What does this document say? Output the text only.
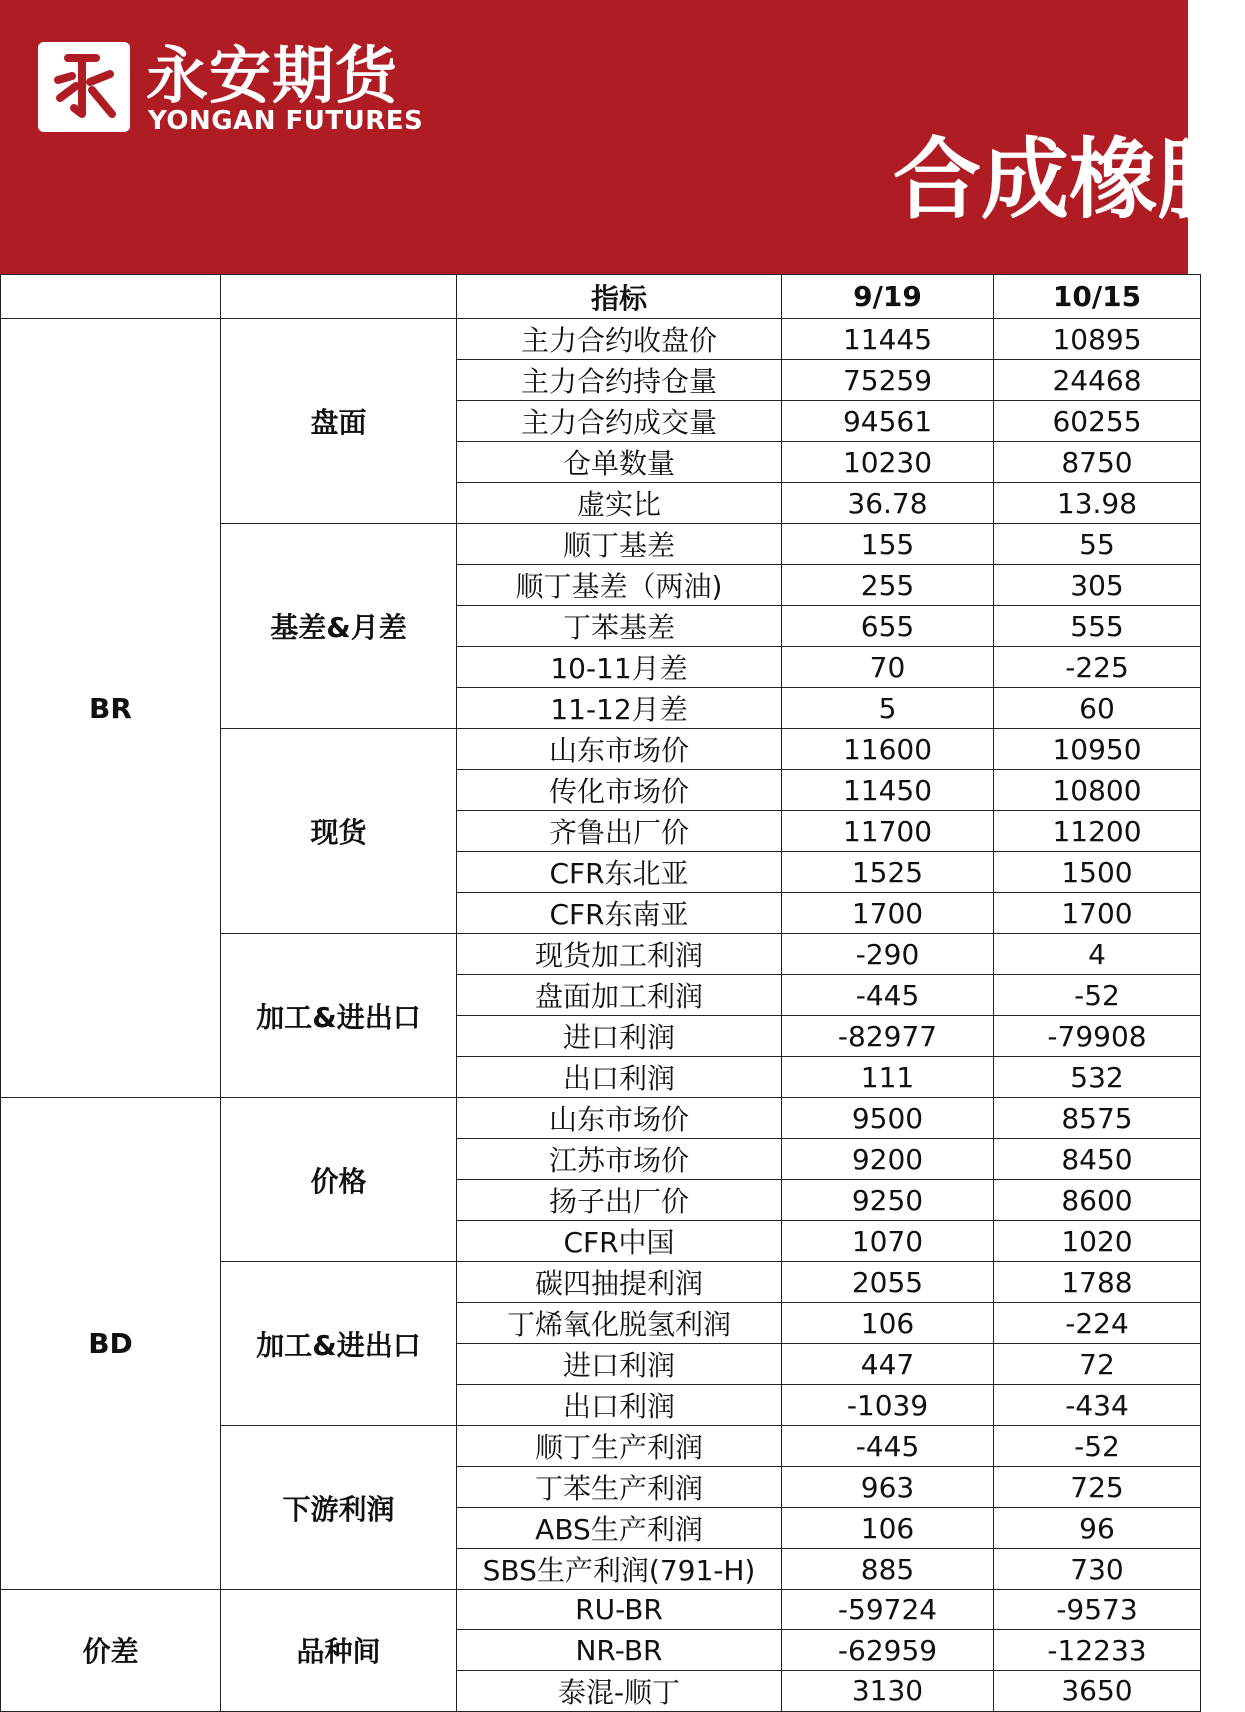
永安期货
YONGAN FUTURES
合成橡胶
		指标	9/19	10/15
BR	盘面	主力合约收盘价	11445	10895
		主力合约持仓量	75259	24468
		主力合约成交量	94561	60255
		仓单数量	10230	8750
		虚实比	36.78	13.98
	基差&月差	顺丁基差	155	55
		顺丁基差（两油)	255	305
		丁苯基差	655	555
		10-11月差	70	-225
		11-12月差	5	60
	现货	山东市场价	11600	10950
		传化市场价	11450	10800
		齐鲁出厂价	11700	11200
		CFR东北亚	1525	1500
		CFR东南亚	1700	1700
	加工&进出口	现货加工利润	-290	4
		盘面加工利润	-445	-52
		进口利润	-82977	-79908
		出口利润	111	532
BD	价格	山东市场价	9500	8575
		江苏市场价	9200	8450
		扬子出厂价	9250	8600
		CFR中国	1070	1020
	加工&进出口	碳四抽提利润	2055	1788
		丁烯氧化脱氢利润	106	-224
		进口利润	447	72
		出口利润	-1039	-434
	下游利润	顺丁生产利润	-445	-52
		丁苯生产利润	963	725
		ABS生产利润	106	96
		SBS生产利润(791-H)	885	730
价差	品种间	RU-BR	-59724	-9573
		NR-BR	-62959	-12233
		泰混-顺丁	3130	3650
